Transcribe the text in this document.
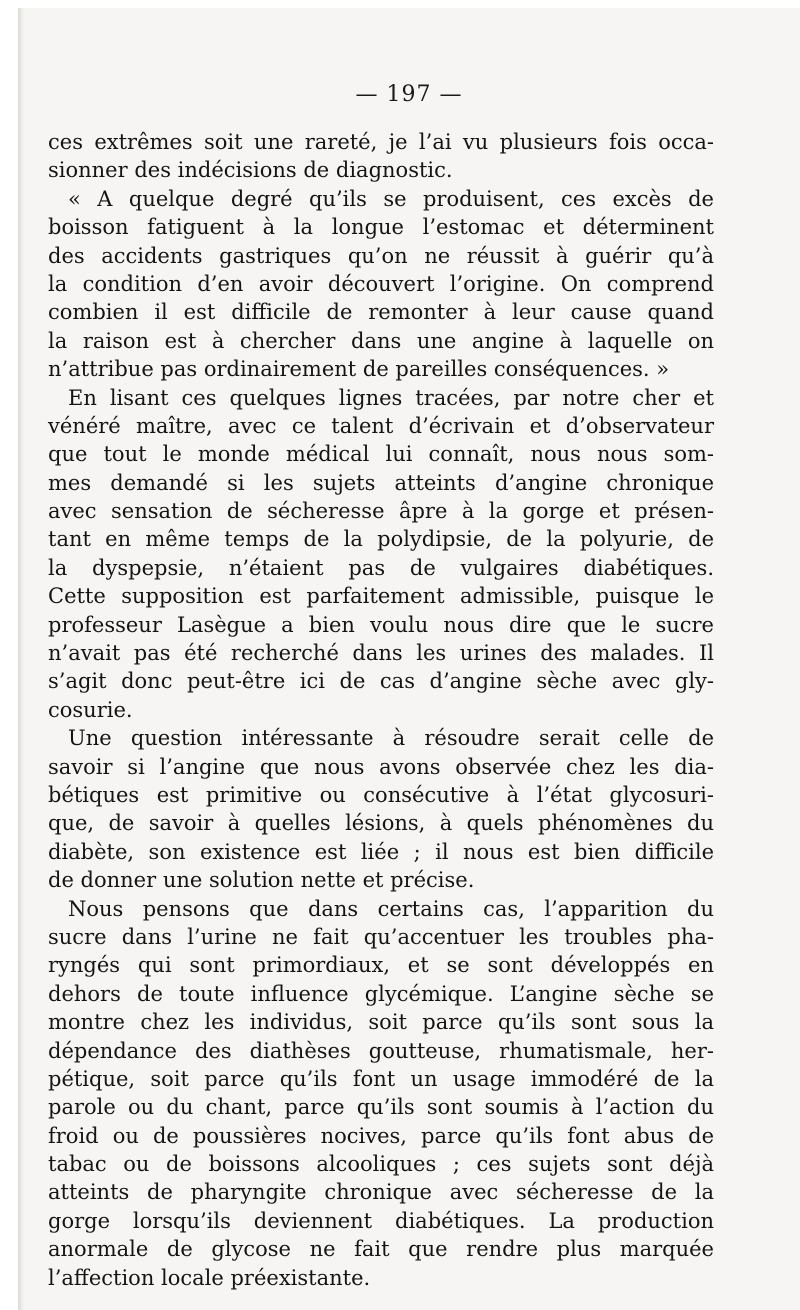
— 197 —
ces extrêmes soit une rareté, je l’ai vu plusieurs fois occa-
sionner des indécisions de diagnostic.
« A quelque degré qu’ils se produisent, ces excès de
boisson fatiguent à la longue l’estomac et déterminent
des accidents gastriques qu’on ne réussit à guérir qu’à
la condition d’en avoir découvert l’origine. On comprend
combien il est difficile de remonter à leur cause quand
la raison est à chercher dans une angine à laquelle on
n’attribue pas ordinairement de pareilles conséquences. »
En lisant ces quelques lignes tracées, par notre cher et
vénéré maître, avec ce talent d’écrivain et d’observateur
que tout le monde médical lui connaît, nous nous som-
mes demandé si les sujets atteints d’angine chronique
avec sensation de sécheresse âpre à la gorge et présen-
tant en même temps de la polydipsie, de la polyurie, de
la dyspepsie, n’étaient pas de vulgaires diabétiques.
Cette supposition est parfaitement admissible, puisque le
professeur Lasègue a bien voulu nous dire que le sucre
n’avait pas été recherché dans les urines des malades. Il
s’agit donc peut-être ici de cas d’angine sèche avec gly-
cosurie.
Une question intéressante à résoudre serait celle de
savoir si l’angine que nous avons observée chez les dia-
bétiques est primitive ou consécutive à l’état glycosuri-
que, de savoir à quelles lésions, à quels phénomènes du
diabète, son existence est liée ; il nous est bien difficile
de donner une solution nette et précise.
Nous pensons que dans certains cas, l’apparition du
sucre dans l’urine ne fait qu’accentuer les troubles pha-
ryngés qui sont primordiaux, et se sont développés en
dehors de toute influence glycémique. L’angine sèche se
montre chez les individus, soit parce qu’ils sont sous la
dépendance des diathèses goutteuse, rhumatismale, her-
pétique, soit parce qu’ils font un usage immodéré de la
parole ou du chant, parce qu’ils sont soumis à l’action du
froid ou de poussières nocives, parce qu’ils font abus de
tabac ou de boissons alcooliques ; ces sujets sont déjà
atteints de pharyngite chronique avec sécheresse de la
gorge lorsqu’ils deviennent diabétiques. La production
anormale de glycose ne fait que rendre plus marquée
l’affection locale préexistante.
